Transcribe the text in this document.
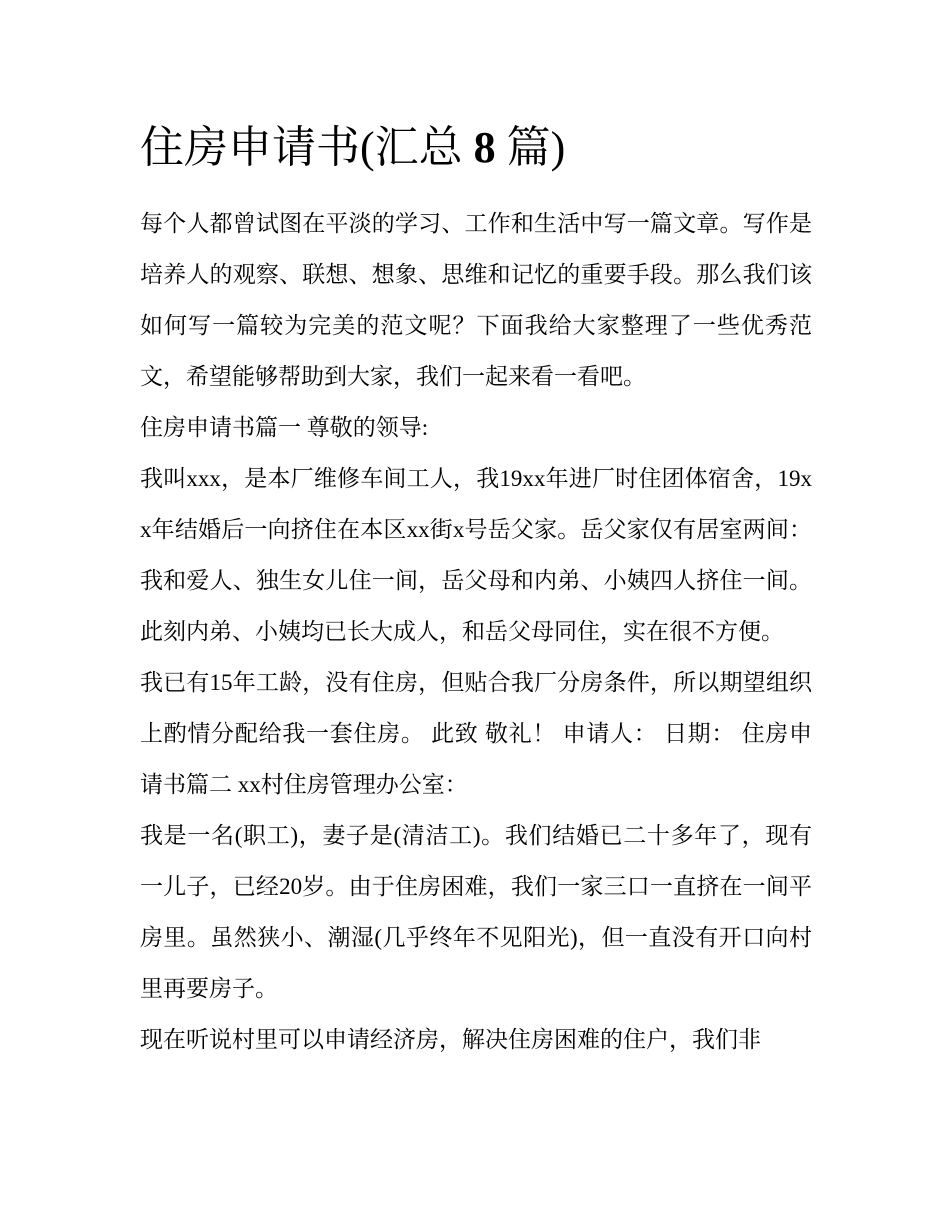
住房申请书(汇总 8 篇)

每个人都曾试图在平淡的学习、工作和生活中写一篇文章。写作是培养人的观察、联想、想象、思维和记忆的重要手段。那么我们该如何写一篇较为完美的范文呢？下面我给大家整理了一些优秀范文，希望能够帮助到大家，我们一起来看一看吧。

住房申请书篇一 尊敬的领导:

我叫xxx，是本厂维修车间工人，我19xx年进厂时住团体宿舍，19xx年结婚后一向挤住在本区xx街x号岳父家。岳父家仅有居室两间：我和爱人、独生女儿住一间，岳父母和内弟、小姨四人挤住一间。此刻内弟、小姨均已长大成人，和岳父母同住，实在很不方便。

我已有15年工龄，没有住房，但贴合我厂分房条件，所以期望组织上酌情分配给我一套住房。 此致 敬礼！ 申请人： 日期： 住房申请书篇二 xx村住房管理办公室：

我是一名(职工)，妻子是(清洁工)。我们结婚已二十多年了，现有一儿子，已经20岁。由于住房困难，我们一家三口一直挤在一间平房里。虽然狭小、潮湿(几乎终年不见阳光)，但一直没有开口向村里再要房子。

现在听说村里可以申请经济房，解决住房困难的住户，我们非
